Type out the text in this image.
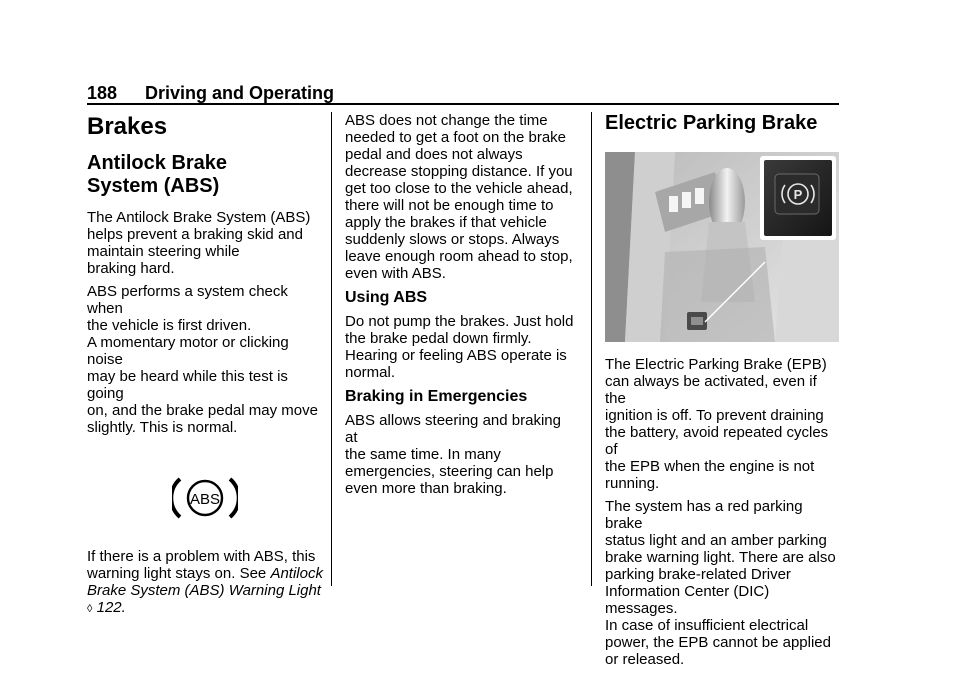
188 Driving and Operating
Brakes
Antilock Brake
System (ABS)

The Antilock Brake System (ABS)
helps prevent a braking skid and
maintain steering while
braking hard.

ABS performs a system check when
the vehicle is first driven.
A momentary motor or clicking noise
may be heard while this test is going
on, and the brake pedal may move
slightly. This is normal.

ABS

If there is a problem with ABS, this
warning light stays on. See Antilock
Brake System (ABS) Warning Light
◊ 122.

ABS does not change the time
needed to get a foot on the brake
pedal and does not always
decrease stopping distance. If you
get too close to the vehicle ahead,
there will not be enough time to
apply the brakes if that vehicle
suddenly slows or stops. Always
leave enough room ahead to stop,
even with ABS.

Using ABS

Do not pump the brakes. Just hold
the brake pedal down firmly.
Hearing or feeling ABS operate is
normal.

Braking in Emergencies

ABS allows steering and braking at
the same time. In many
emergencies, steering can help
even more than braking.

Electric Parking Brake
P

The Electric Parking Brake (EPB)
can always be activated, even if the
ignition is off. To prevent draining
the battery, avoid repeated cycles of
the EPB when the engine is not
running.

The system has a red parking brake
status light and an amber parking
brake warning light. There are also
parking brake-related Driver
Information Center (DIC) messages.
In case of insufficient electrical
power, the EPB cannot be applied
or released.
